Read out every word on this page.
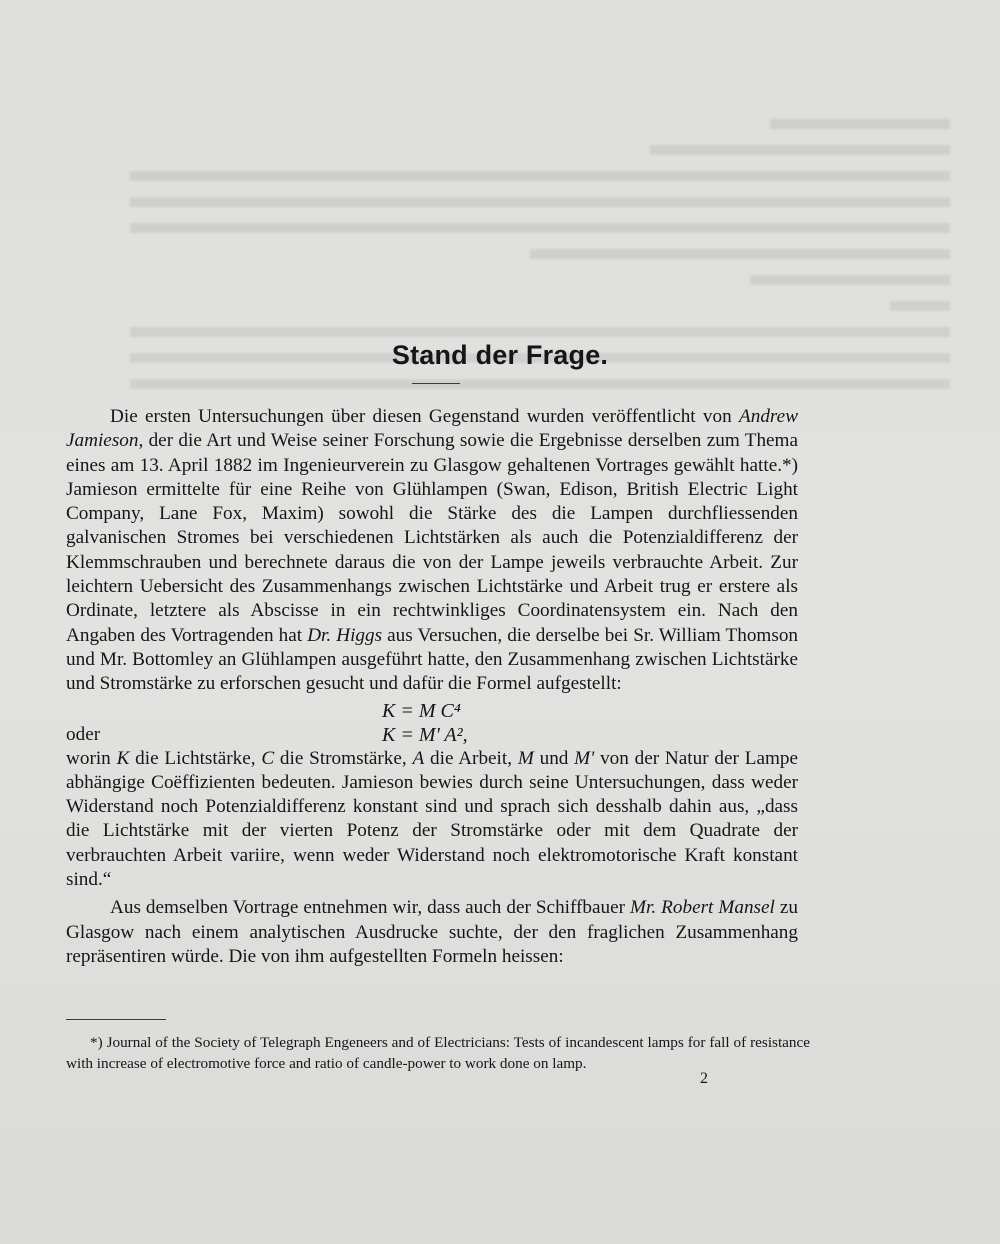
Stand der Frage.

Die ersten Untersuchungen über diesen Gegenstand wurden veröffentlicht von Andrew Jamieson, der die Art und Weise seiner Forschung sowie die Ergebnisse derselben zum Thema eines am 13. April 1882 im Ingenieurverein zu Glasgow gehaltenen Vortrages gewählt hatte.*) Jamieson ermittelte für eine Reihe von Glühlampen (Swan, Edison, British Electric Light Company, Lane Fox, Maxim) sowohl die Stärke des die Lampen durchfliessenden galvanischen Stromes bei verschiedenen Lichtstärken als auch die Potenzialdifferenz der Klemmschrauben und berechnete daraus die von der Lampe jeweils verbrauchte Arbeit. Zur leichtern Uebersicht des Zusammenhangs zwischen Lichtstärke und Arbeit trug er erstere als Ordinate, letztere als Abscisse in ein rechtwinkliges Coordinatensystem ein. Nach den Angaben des Vortragenden hat Dr. Higgs aus Versuchen, die derselbe bei Sr. William Thomson und Mr. Bottomley an Glühlampen ausgeführt hatte, den Zusammenhang zwischen Lichtstärke und Stromstärke zu erforschen gesucht und dafür die Formel aufgestellt:

K = M C⁴
oder	K = M' A²,

worin K die Lichtstärke, C die Stromstärke, A die Arbeit, M und M' von der Natur der Lampe abhängige Coëffizienten bedeuten. Jamieson bewies durch seine Untersuchungen, dass weder Widerstand noch Potenzialdifferenz konstant sind und sprach sich desshalb dahin aus, „dass die Lichtstärke mit der vierten Potenz der Stromstärke oder mit dem Quadrate der verbrauchten Arbeit variire, wenn weder Widerstand noch elektromotorische Kraft konstant sind.“

Aus demselben Vortrage entnehmen wir, dass auch der Schiffbauer Mr. Robert Mansel zu Glasgow nach einem analytischen Ausdrucke suchte, der den fraglichen Zusammenhang repräsentiren würde. Die von ihm aufgestellten Formeln heissen:

*) Journal of the Society of Telegraph Engeneers and of Electricians: Tests of incandescent lamps for fall of resistance with increase of electromotive force and ratio of candle-power to work done on lamp.

2
